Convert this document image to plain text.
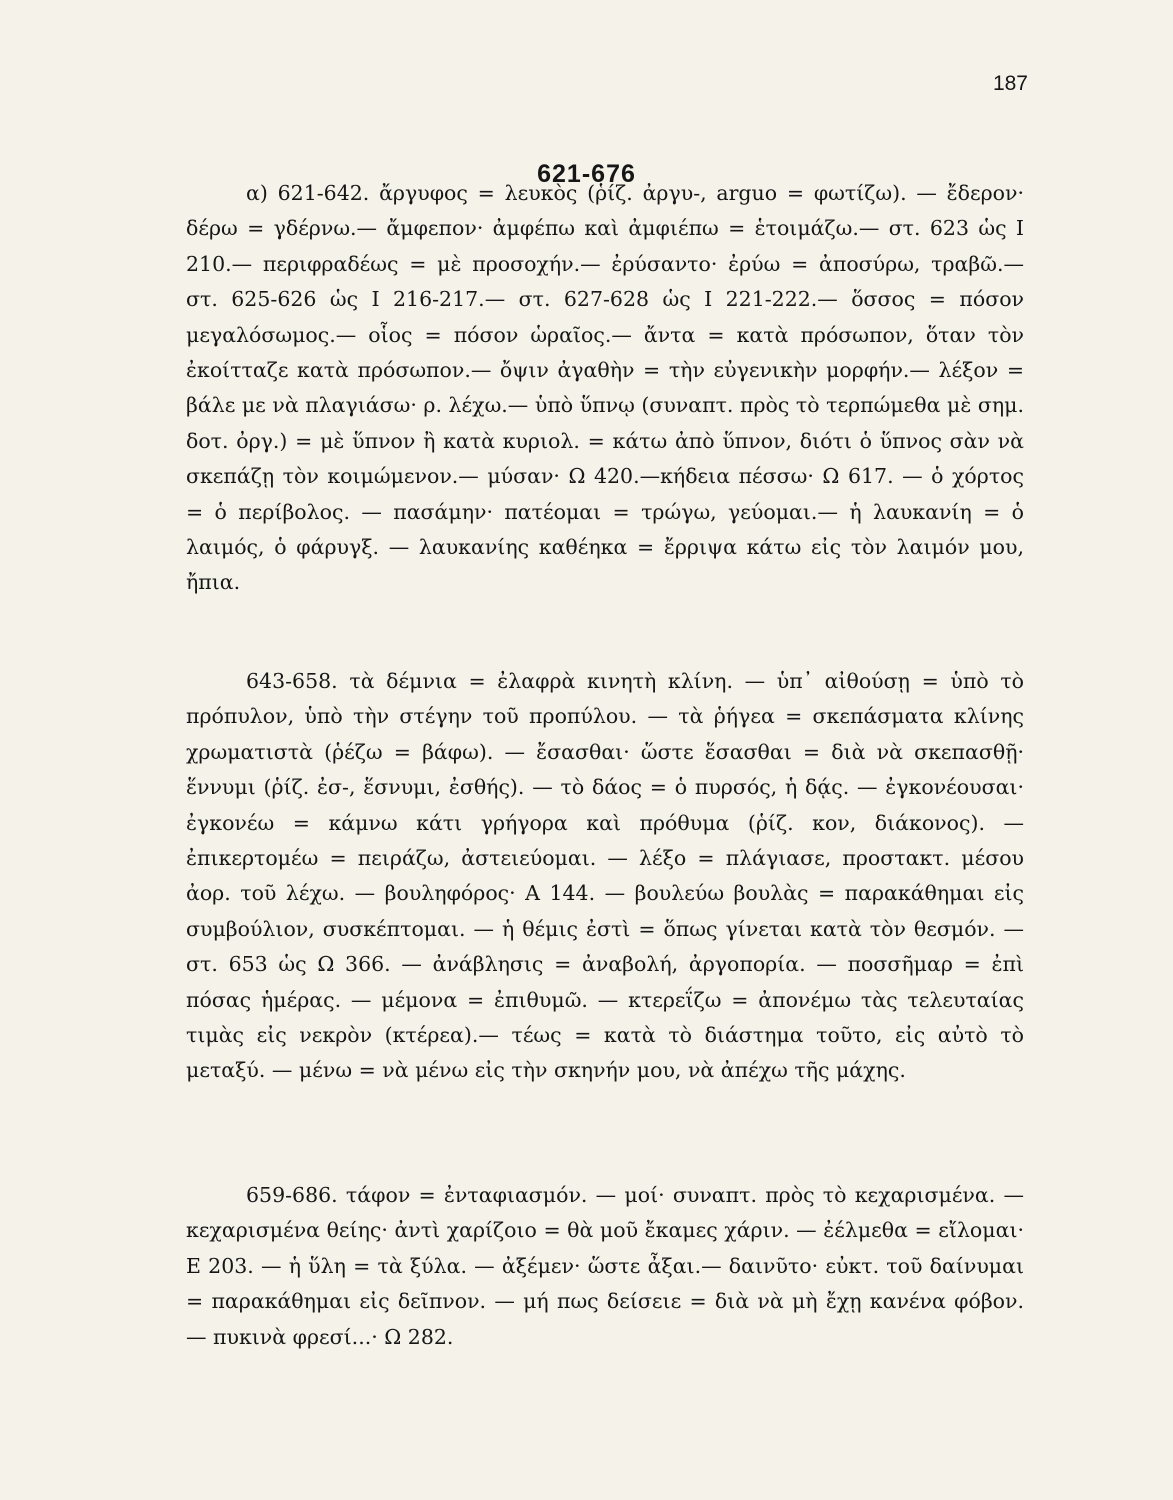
187
621-676

α) 621-642. ἄργυφος = λευκὸς (ῥίζ. ἀργυ-, arguo = φωτίζω). — ἔδερον· δέρω = γδέρνω.— ἄμφεπον· ἀμφέπω καὶ ἀμφιέπω = ἑτοιμάζω.— στ. 623 ὡς Ι 210.— περιφραδέως = μὲ προσοχήν.— ἐρύσαντο· ἐρύω = ἀποσύρω, τραβῶ.— στ. 625-626 ὡς Ι 216-217.— στ. 627-628 ὡς Ι 221-222.— ὅσσος = πόσον μεγαλόσωμος.— οἷος = πόσον ὡραῖος.— ἄντα = κατὰ πρόσωπον, ὅταν τὸν ἐκοίτταζε κατὰ πρόσωπον.— ὄψιν ἀγαθὴν = τὴν εὐγενικὴν μορφήν.— λέξον = βάλε με νὰ πλαγιάσω· ρ. λέχω.— ὑπὸ ὕπνῳ (συναπτ. πρὸς τὸ τερπώμεθα μὲ σημ. δοτ. ὀργ.) = μὲ ὕπνον ἢ κατὰ κυριολ. = κάτω ἀπὸ ὕπνον, διότι ὁ ὕπνος σὰν νὰ σκεπάζῃ τὸν κοιμώμενον.— μύσαν· Ω 420.—κήδεια πέσσω· Ω 617. — ὁ χόρτος = ὁ περίβολος. — πασάμην· πατέομαι = τρώγω, γεύομαι.— ἡ λαυκανίη = ὁ λαιμός, ὁ φάρυγξ. — λαυκανίης καθέηκα = ἔρριψα κάτω εἰς τὸν λαιμόν μου, ἤπια.

643-658. τὰ δέμνια = ἐλαφρὰ κινητὴ κλίνη. — ὑπ᾽ αἰθούσῃ = ὑπὸ τὸ πρόπυλον, ὑπὸ τὴν στέγην τοῦ προπύλου. — τὰ ῥήγεα = σκεπάσματα κλίνης χρωματιστὰ (ῥέζω = βάφω). — ἔσασθαι· ὥστε ἕσασθαι = διὰ νὰ σκεπασθῇ· ἕννυμι (ῥίζ. ἐσ-, ἕσνυμι, ἐσθής). — τὸ δάος = ὁ πυρσός, ἡ δᾴς. — ἐγκονέουσαι· ἐγκονέω = κάμνω κάτι γρήγορα καὶ πρόθυμα (ῥίζ. κον, διάκονος). — ἐπικερτομέω = πειράζω, ἀστειεύομαι. — λέξο = πλάγιασε, προστακτ. μέσου ἀορ. τοῦ λέχω. — βουληφόρος· Α 144. — βουλεύω βουλὰς = παρακάθημαι εἰς συμβούλιον, συσκέπτομαι. — ἡ θέμις ἐστὶ = ὅπως γίνεται κατὰ τὸν θεσμόν. — στ. 653 ὡς Ω 366. — ἀνάβλησις = ἀναβολή, ἀργοπορία. — ποσσῆμαρ = ἐπὶ πόσας ἡμέρας. — μέμονα = ἐπιθυμῶ. — κτερεΐζω = ἀπονέμω τὰς τελευταίας τιμὰς εἰς νεκρὸν (κτέρεα).— τέως = κατὰ τὸ διάστημα τοῦτο, εἰς αὐτὸ τὸ μεταξύ. — μένω = νὰ μένω εἰς τὴν σκηνήν μου, νὰ ἀπέχω τῆς μάχης.

659-686. τάφον = ἐνταφιασμόν. — μοί· συναπτ. πρὸς τὸ κεχαρισμένα. — κεχαρισμένα θείης· ἀντὶ χαρίζοιο = θὰ μοῦ ἔκαμες χάριν. — ἐέλμεθα = εἴλομαι· Ε 203. — ἡ ὕλη = τὰ ξύλα. — ἀξέμεν· ὥστε ἆξαι.— δαινῦτο· εὐκτ. τοῦ δαίνυμαι = παρακάθημαι εἰς δεῖπνον. — μή πως δείσειε = διὰ νὰ μὴ ἔχῃ κανένα φόβον. — πυκινὰ φρεσί...· Ω 282.
